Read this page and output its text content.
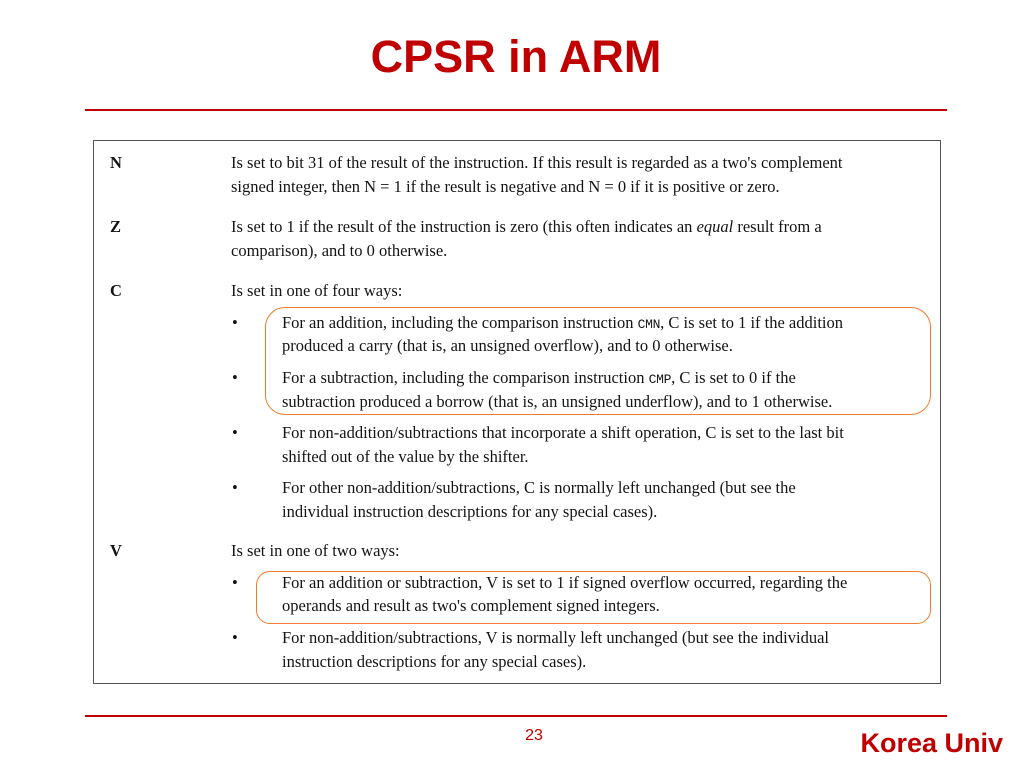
CPSR in ARM
N	Is set to bit 31 of the result of the instruction. If this result is regarded as a two's complement
signed integer, then N = 1 if the result is negative and N = 0 if it is positive or zero.
Z	Is set to 1 if the result of the instruction is zero (this often indicates an equal result from a
comparison), and to 0 otherwise.
C	Is set in one of four ways:
•	For an addition, including the comparison instruction CMN, C is set to 1 if the addition
produced a carry (that is, an unsigned overflow), and to 0 otherwise.
•	For a subtraction, including the comparison instruction CMP, C is set to 0 if the
subtraction produced a borrow (that is, an unsigned underflow), and to 1 otherwise.
•	For non-addition/subtractions that incorporate a shift operation, C is set to the last bit
shifted out of the value by the shifter.
•	For other non-addition/subtractions, C is normally left unchanged (but see the
individual instruction descriptions for any special cases).
V	Is set in one of two ways:
•	For an addition or subtraction, V is set to 1 if signed overflow occurred, regarding the
operands and result as two's complement signed integers.
•	For non-addition/subtractions, V is normally left unchanged (but see the individual
instruction descriptions for any special cases).
23	Korea Univ
